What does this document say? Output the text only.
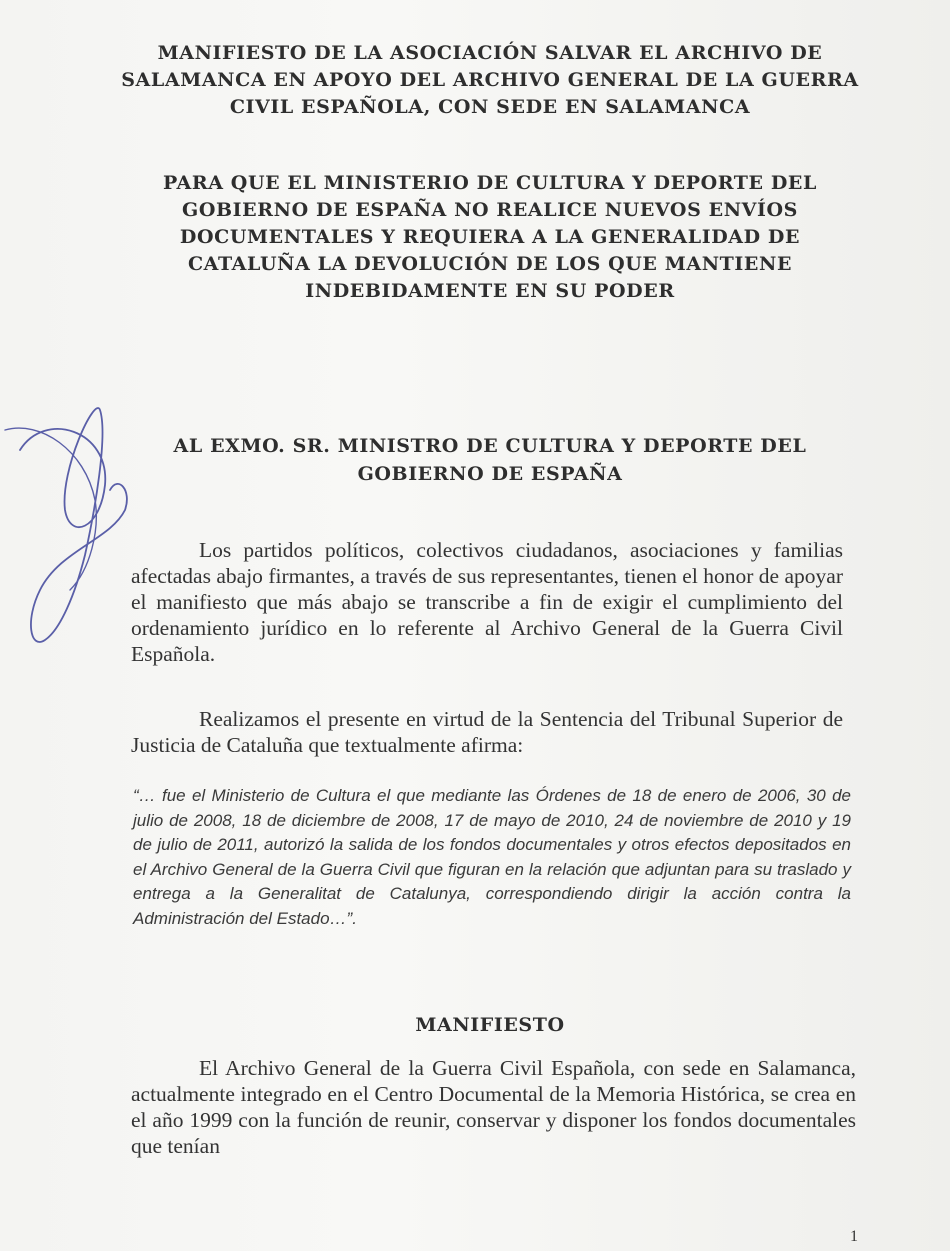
MANIFIESTO DE LA ASOCIACIÓN SALVAR EL ARCHIVO DE SALAMANCA EN APOYO DEL ARCHIVO GENERAL DE LA GUERRA CIVIL ESPAÑOLA, CON SEDE EN SALAMANCA
PARA QUE EL MINISTERIO DE CULTURA Y DEPORTE DEL GOBIERNO DE ESPAÑA NO REALICE NUEVOS ENVÍOS DOCUMENTALES Y REQUIERA A LA GENERALIDAD DE CATALUÑA LA DEVOLUCIÓN DE LOS QUE MANTIENE INDEBIDAMENTE EN SU PODER
AL EXMO. SR. MINISTRO DE CULTURA Y DEPORTE DEL GOBIERNO DE ESPAÑA
Los partidos políticos, colectivos ciudadanos, asociaciones y familias afectadas abajo firmantes, a través de sus representantes, tienen el honor de apoyar el manifiesto que más abajo se transcribe a fin de exigir el cumplimiento del ordenamiento jurídico en lo referente al Archivo General de la Guerra Civil Española.
Realizamos el presente en virtud de la Sentencia del Tribunal Superior de Justicia de Cataluña que textualmente afirma:
“… fue el Ministerio de Cultura el que mediante las Órdenes de 18 de enero de 2006, 30 de julio de 2008, 18 de diciembre de 2008, 17 de mayo de 2010, 24 de noviembre de 2010 y 19 de julio de 2011, autorizó la salida de los fondos documentales y otros efectos depositados en el Archivo General de la Guerra Civil que figuran en la relación que adjuntan para su traslado y entrega a la Generalitat de Catalunya, correspondiendo dirigir la acción contra la Administración del Estado…”.
MANIFIESTO
El Archivo General de la Guerra Civil Española, con sede en Salamanca, actualmente integrado en el Centro Documental de la Memoria Histórica, se crea en el año 1999 con la función de reunir, conservar y disponer los fondos documentales que tenían
1
